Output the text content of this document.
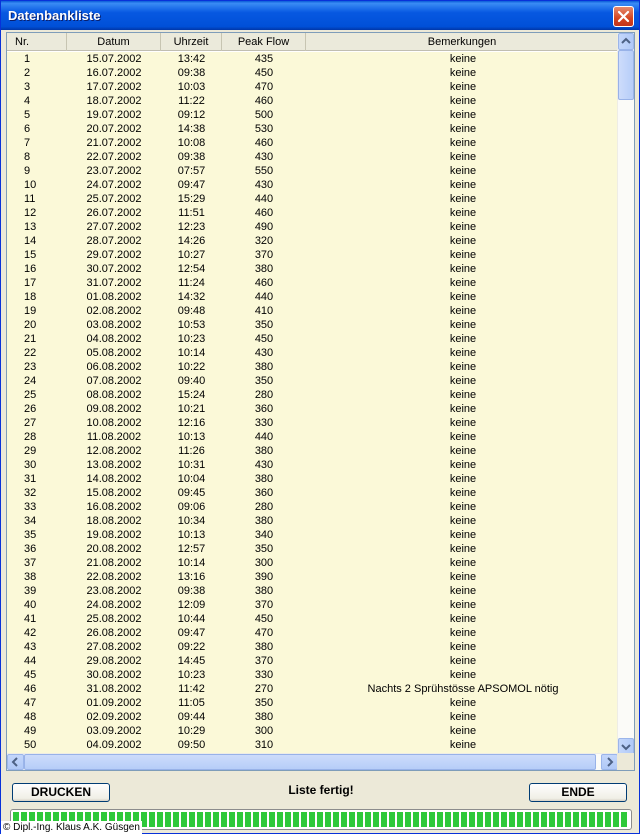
Datenbankliste
Nr.	Datum	Uhrzeit	Peak Flow	Bemerkungen
1	15.07.2002	13:42	435	keine
2	16.07.2002	09:38	450	keine
3	17.07.2002	10:03	470	keine
4	18.07.2002	11:22	460	keine
5	19.07.2002	09:12	500	keine
6	20.07.2002	14:38	530	keine
7	21.07.2002	10:08	460	keine
8	22.07.2002	09:38	430	keine
9	23.07.2002	07:57	550	keine
10	24.07.2002	09:47	430	keine
11	25.07.2002	15:29	440	keine
12	26.07.2002	11:51	460	keine
13	27.07.2002	12:23	490	keine
14	28.07.2002	14:26	320	keine
15	29.07.2002	10:27	370	keine
16	30.07.2002	12:54	380	keine
17	31.07.2002	11:24	460	keine
18	01.08.2002	14:32	440	keine
19	02.08.2002	09:48	410	keine
20	03.08.2002	10:53	350	keine
21	04.08.2002	10:23	450	keine
22	05.08.2002	10:14	430	keine
23	06.08.2002	10:22	380	keine
24	07.08.2002	09:40	350	keine
25	08.08.2002	15:24	280	keine
26	09.08.2002	10:21	360	keine
27	10.08.2002	12:16	330	keine
28	11.08.2002	10:13	440	keine
29	12.08.2002	11:26	380	keine
30	13.08.2002	10:31	430	keine
31	14.08.2002	10:04	380	keine
32	15.08.2002	09:45	360	keine
33	16.08.2002	09:06	280	keine
34	18.08.2002	10:34	380	keine
35	19.08.2002	10:13	340	keine
36	20.08.2002	12:57	350	keine
37	21.08.2002	10:14	300	keine
38	22.08.2002	13:16	390	keine
39	23.08.2002	09:38	380	keine
40	24.08.2002	12:09	370	keine
41	25.08.2002	10:44	450	keine
42	26.08.2002	09:47	470	keine
43	27.08.2002	09:22	380	keine
44	29.08.2002	14:45	370	keine
45	30.08.2002	10:23	330	keine
46	31.08.2002	11:42	270	Nachts 2 Sprühstösse APSOMOL nötig
47	01.09.2002	11:05	350	keine
48	02.09.2002	09:44	380	keine
49	03.09.2002	10:29	300	keine
50	04.09.2002	09:50	310	keine
DRUCKEN	Liste fertig!	ENDE
© Dipl.-Ing. Klaus A.K. Güsgen
